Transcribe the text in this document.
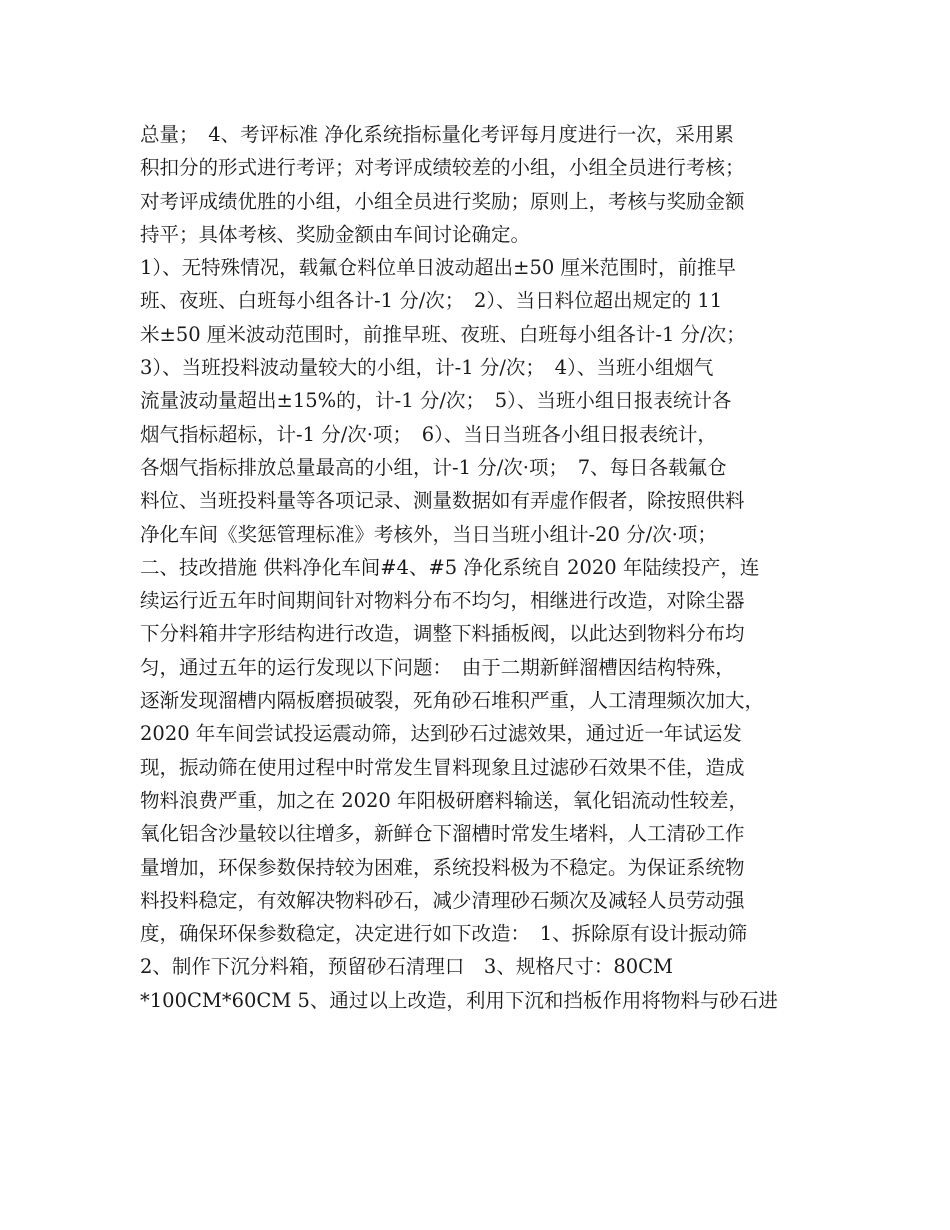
总量；　4、考评标准 净化系统指标量化考评每月度进行一次，采用累
积扣分的形式进行考评；对考评成绩较差的小组，小组全员进行考核；
对考评成绩优胜的小组，小组全员进行奖励；原则上，考核与奖励金额
持平；具体考核、奖励金额由车间讨论确定。
1）、无特殊情况，载氟仓料位单日波动超出±50 厘米范围时，前推早
班、夜班、白班每小组各计-1 分/次；　2）、当日料位超出规定的 11
米±50 厘米波动范围时，前推早班、夜班、白班每小组各计-1 分/次；
3）、当班投料波动量较大的小组，计-1 分/次；　4）、当班小组烟气
流量波动量超出±15%的，计-1 分/次；　5）、当班小组日报表统计各
烟气指标超标，计-1 分/次·项；　6）、当日当班各小组日报表统计，
各烟气指标排放总量最高的小组，计-1 分/次·项；　7、每日各载氟仓
料位、当班投料量等各项记录、测量数据如有弄虚作假者，除按照供料
净化车间《奖惩管理标准》考核外，当日当班小组计-20 分/次·项；
二、技改措施 供料净化车间#4、#5 净化系统自 2020 年陆续投产，连
续运行近五年时间期间针对物料分布不均匀，相继进行改造，对除尘器
下分料箱井字形结构进行改造，调整下料插板阀，以此达到物料分布均
匀，通过五年的运行发现以下问题：　由于二期新鲜溜槽因结构特殊，
逐渐发现溜槽内隔板磨损破裂，死角砂石堆积严重，人工清理频次加大，
2020 年车间尝试投运震动筛，达到砂石过滤效果，通过近一年试运发
现，振动筛在使用过程中时常发生冒料现象且过滤砂石效果不佳，造成
物料浪费严重，加之在 2020 年阳极研磨料输送，氧化铝流动性较差，
氧化铝含沙量较以往增多，新鲜仓下溜槽时常发生堵料，人工清砂工作
量增加，环保参数保持较为困难，系统投料极为不稳定。为保证系统物
料投料稳定，有效解决物料砂石，减少清理砂石频次及减轻人员劳动强
度，确保环保参数稳定，决定进行如下改造：　1、拆除原有设计振动筛
2、制作下沉分料箱，预留砂石清理口　3、规格尺寸：80CM
*100CM*60CM 5、通过以上改造，利用下沉和挡板作用将物料与砂石进
